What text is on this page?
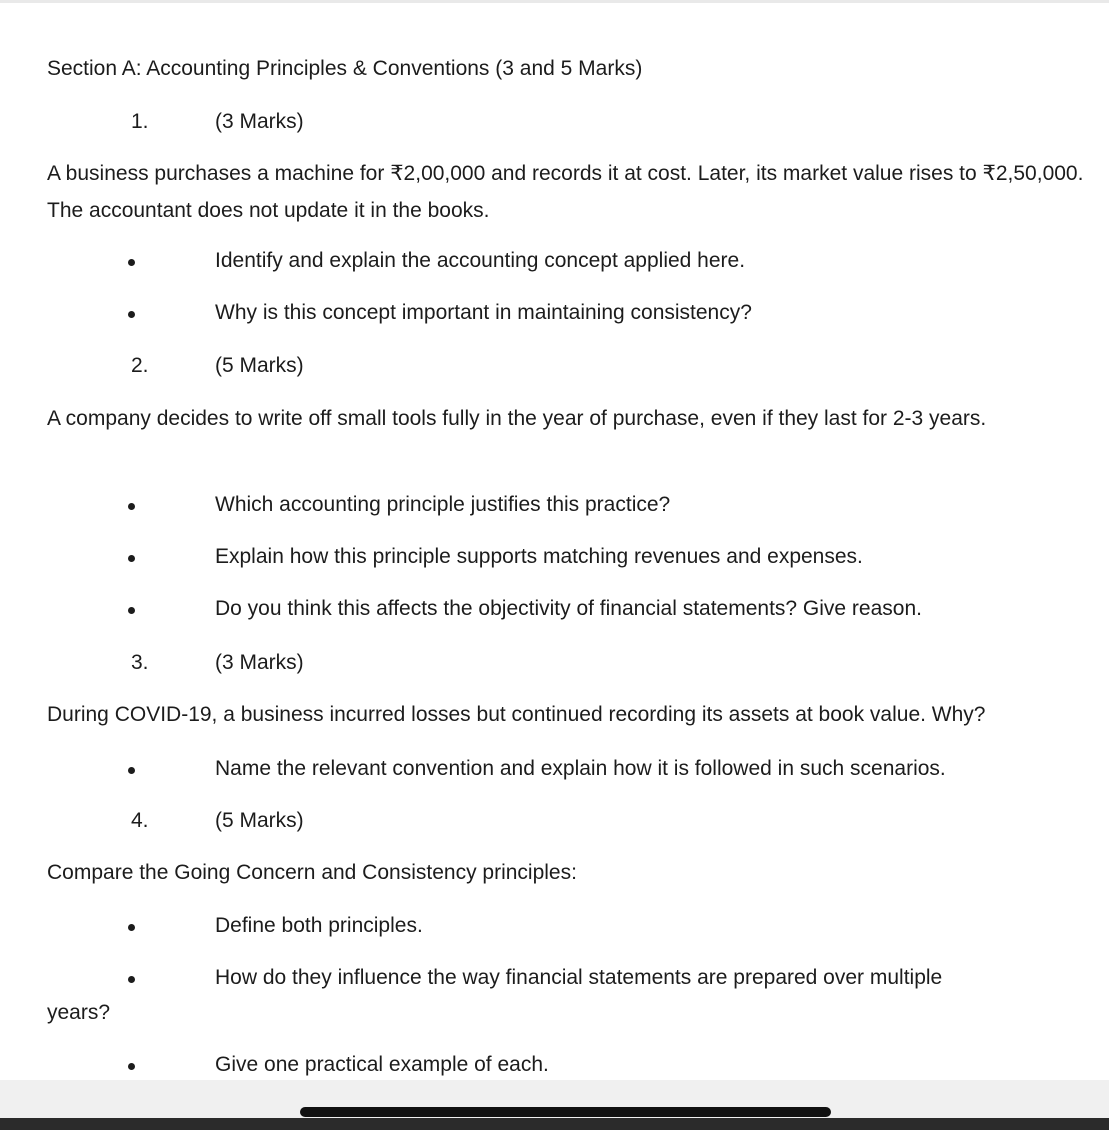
Section A: Accounting Principles & Conventions (3 and 5 Marks)
1.	(3 Marks)
A business purchases a machine for ₹2,00,000 and records it at cost. Later, its market value rises to ₹2,50,000. The accountant does not update it in the books.
Identify and explain the accounting concept applied here.
Why is this concept important in maintaining consistency?
2.	(5 Marks)
A company decides to write off small tools fully in the year of purchase, even if they last for 2-3 years.
Which accounting principle justifies this practice?
Explain how this principle supports matching revenues and expenses.
Do you think this affects the objectivity of financial statements? Give reason.
3.	(3 Marks)
During COVID-19, a business incurred losses but continued recording its assets at book value. Why?
Name the relevant convention and explain how it is followed in such scenarios.
4.	(5 Marks)
Compare the Going Concern and Consistency principles:
Define both principles.
How do they influence the way financial statements are prepared over multiple
years?
Give one practical example of each.
